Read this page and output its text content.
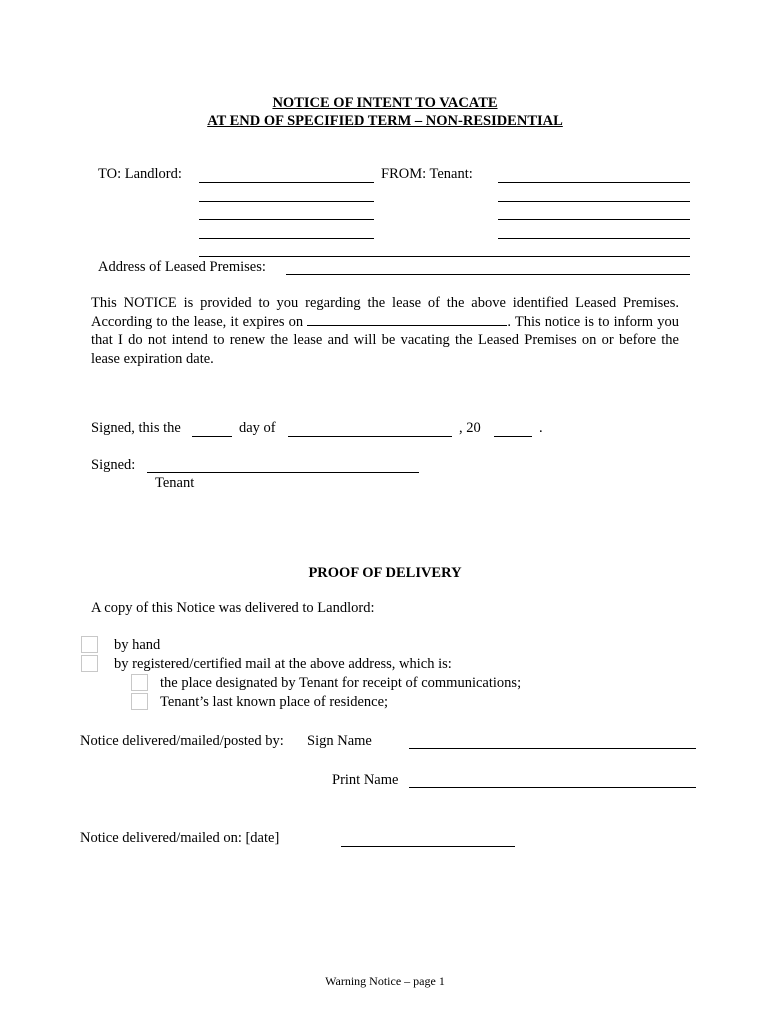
NOTICE OF INTENT TO VACATE
AT END OF SPECIFIED TERM – NON-RESIDENTIAL
TO: Landlord:	FROM: Tenant:
Address of Leased Premises:
This NOTICE is provided to you regarding the lease of the above identified Leased Premises. According to the lease, it expires on	. This notice is to inform you that I do not intend to renew the lease and will be vacating the Leased Premises on or before the lease expiration date.
Signed, this the	day of	, 20	.
Signed:
Tenant
PROOF OF DELIVERY
A copy of this Notice was delivered to Landlord:
by hand
by registered/certified mail at the above address, which is:
the place designated by Tenant for receipt of communications;
Tenant’s last known place of residence;
Notice delivered/mailed/posted by: Sign Name
Print Name
Notice delivered/mailed on: [date]
Warning Notice – page 1
